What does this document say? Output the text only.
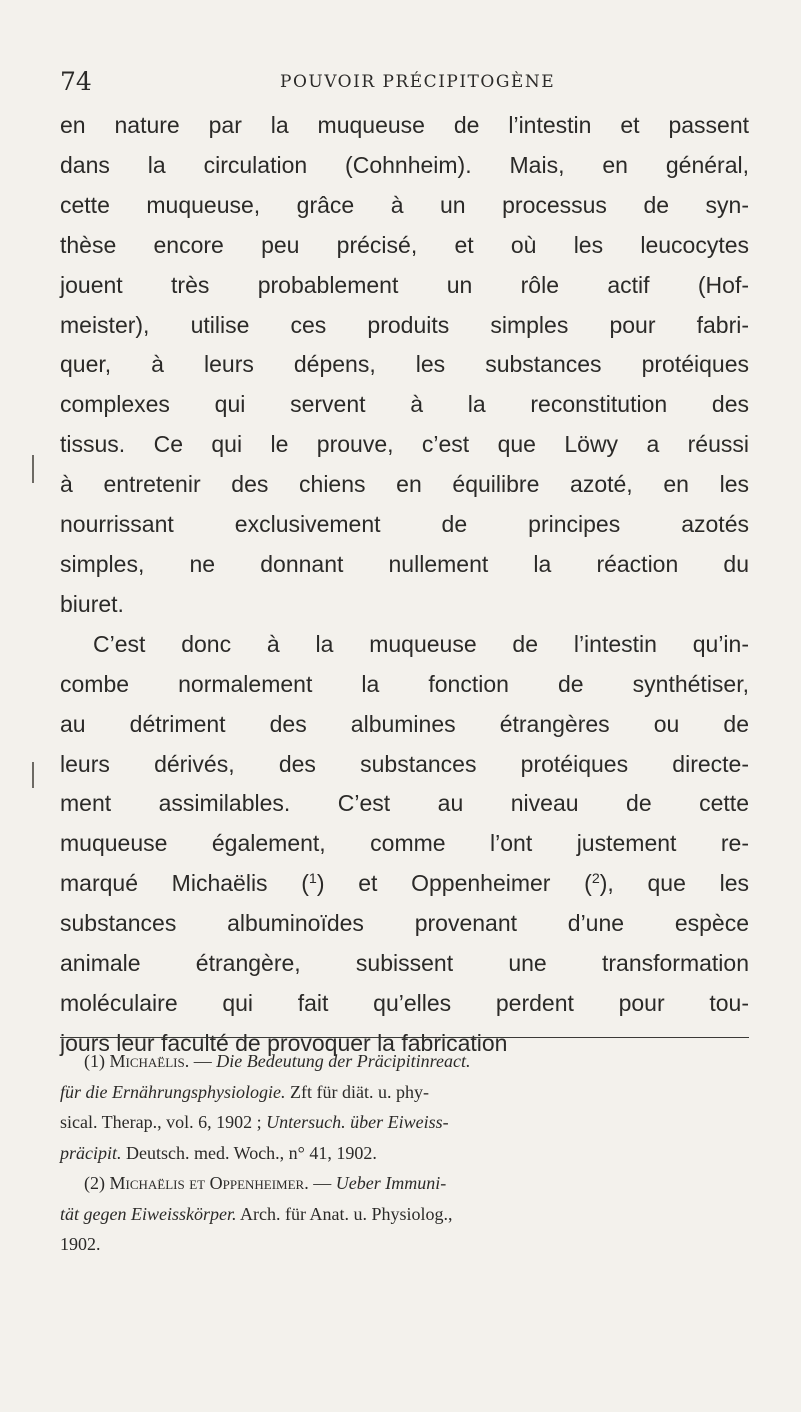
74	POUVOIR PRÉCIPITOGÈNE

en nature par la muqueuse de l’intestin et passent
dans la circulation (Cohnheim). Mais, en général,
cette muqueuse, grâce à un processus de syn-
thèse encore peu précisé, et où les leucocytes
jouent très probablement un rôle actif (Hof-
meister), utilise ces produits simples pour fabri-
quer, à leurs dépens, les substances protéiques
complexes qui servent à la reconstitution des
tissus. Ce qui le prouve, c’est que Löwy a réussi
à entretenir des chiens en équilibre azoté, en les
nourrissant exclusivement de principes azotés
simples, ne donnant nullement la réaction du
biuret.

C’est donc à la muqueuse de l’intestin qu’in-
combe normalement la fonction de synthétiser,
au détriment des albumines étrangères ou de
leurs dérivés, des substances protéiques directe-
ment assimilables. C’est au niveau de cette
muqueuse également, comme l’ont justement re-
marqué Michaëlis ($^1$) et Oppenheimer ($^2$), que les
substances albuminoïdes provenant d’une espèce
animale étrangère, subissent une transformation
moléculaire qui fait qu’elles perdent pour tou-
jours leur faculté de provoquer la fabrication

(1) Michaëlis. — Die Bedeutung der Präcipitinreact.
für die Ernährungsphysiologie. Zft für diät. u. phy-
sical. Therap., vol. 6, 1902 ; Untersuch. über Eiweiss-
präcipit. Deutsch. med. Woch., n° 41, 1902.
(2) Michaëlis et Oppenheimer. — Ueber Immuni-
tät gegen Eiweisskörper. Arch. für Anat. u. Physiolog.,
1902.
